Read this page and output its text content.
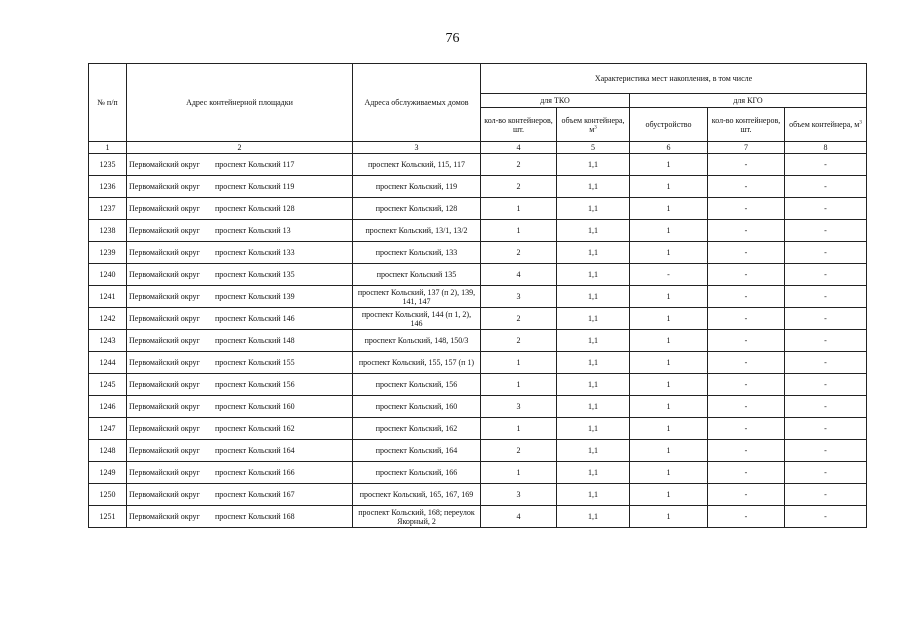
76
№ п/п	Адрес контейнерной площадки	Адреса обслуживаемых домов	Характеристика мест накопления, в том числе				
			для ТКО		для КГО		
			кол-во контейнеров, шт.	объем контейнера, $м^3$	обустройство	кол-во контейнеров, шт.	объем контейнера, $м^3$
1	2	3	4	5	6	7	8
1235	Первомайский округ проспект Кольский 117	проспект Кольский, 115, 117	2	1,1	1	-	-
1236	Первомайский округ проспект Кольский 119	проспект Кольский, 119	2	1,1	1	-	-
1237	Первомайский округ проспект Кольский 128	проспект Кольский, 128	1	1,1	1	-	-
1238	Первомайский округ проспект Кольский 13	проспект Кольский, 13/1, 13/2	1	1,1	1	-	-
1239	Первомайский округ проспект Кольский 133	проспект Кольский, 133	2	1,1	1	-	-
1240	Первомайский округ проспект Кольский 135	проспект Кольский 135	4	1,1	-	-	-
1241	Первомайский округ проспект Кольский 139	проспект Кольский, 137 (п 2), 139, 141, 147	3	1,1	1	-	-
1242	Первомайский округ проспект Кольский 146	проспект Кольский, 144 (п 1, 2), 146	2	1,1	1	-	-
1243	Первомайский округ проспект Кольский 148	проспект Кольский, 148, 150/3	2	1,1	1	-	-
1244	Первомайский округ проспект Кольский 155	проспект Кольский, 155, 157 (п 1)	1	1,1	1	-	-
1245	Первомайский округ проспект Кольский 156	проспект Кольский, 156	1	1,1	1	-	-
1246	Первомайский округ проспект Кольский 160	проспект Кольский, 160	3	1,1	1	-	-
1247	Первомайский округ проспект Кольский 162	проспект Кольский, 162	1	1,1	1	-	-
1248	Первомайский округ проспект Кольский 164	проспект Кольский, 164	2	1,1	1	-	-
1249	Первомайский округ проспект Кольский 166	проспект Кольский, 166	1	1,1	1	-	-
1250	Первомайский округ проспект Кольский 167	проспект Кольский, 165, 167, 169	3	1,1	1	-	-
1251	Первомайский округ проспект Кольский 168	проспект Кольский, 168; переулок Якорный, 2	4	1,1	1	-	-
